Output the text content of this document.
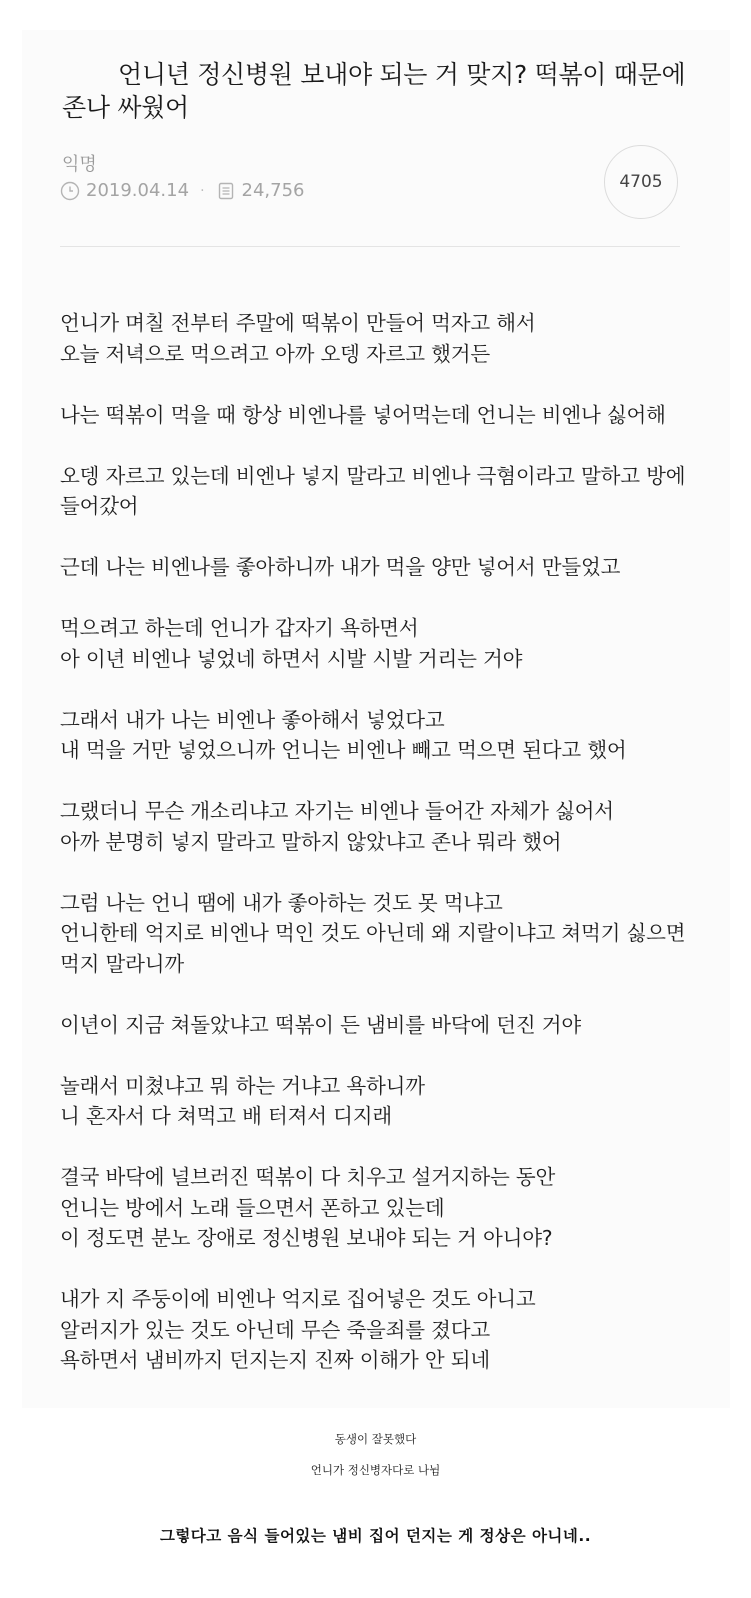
언니년 정신병원 보내야 되는 거 맞지? 떡볶이 때문에 존나 싸웠어
익명
2019.04.14 · 24,756	4705

언니가 며칠 전부터 주말에 떡볶이 만들어 먹자고 해서
오늘 저녁으로 먹으려고 아까 오뎅 자르고 했거든

나는 떡볶이 먹을 때 항상 비엔나를 넣어먹는데 언니는 비엔나 싫어해

오뎅 자르고 있는데 비엔나 넣지 말라고 비엔나 극혐이라고 말하고 방에
들어갔어

근데 나는 비엔나를 좋아하니까 내가 먹을 양만 넣어서 만들었고

먹으려고 하는데 언니가 갑자기 욕하면서
아 이년 비엔나 넣었네 하면서 시발 시발 거리는 거야

그래서 내가 나는 비엔나 좋아해서 넣었다고
내 먹을 거만 넣었으니까 언니는 비엔나 빼고 먹으면 된다고 했어

그랬더니 무슨 개소리냐고 자기는 비엔나 들어간 자체가 싫어서
아까 분명히 넣지 말라고 말하지 않았냐고 존나 뭐라 했어

그럼 나는 언니 땜에 내가 좋아하는 것도 못 먹냐고
언니한테 억지로 비엔나 먹인 것도 아닌데 왜 지랄이냐고 쳐먹기 싫으면
먹지 말라니까

이년이 지금 쳐돌았냐고 떡볶이 든 냄비를 바닥에 던진 거야

놀래서 미쳤냐고 뭐 하는 거냐고 욕하니까
니 혼자서 다 쳐먹고 배 터져서 디지래

결국 바닥에 널브러진 떡볶이 다 치우고 설거지하는 동안
언니는 방에서 노래 들으면서 폰하고 있는데
이 정도면 분노 장애로 정신병원 보내야 되는 거 아니야?

내가 지 주둥이에 비엔나 억지로 집어넣은 것도 아니고
알러지가 있는 것도 아닌데 무슨 죽을죄를 졌다고
욕하면서 냄비까지 던지는지 진짜 이해가 안 되네

동생이 잘못했다
언니가 정신병자다로 나뉨
그렇다고 음식 들어있는 냄비 집어 던지는 게 정상은 아니네..
